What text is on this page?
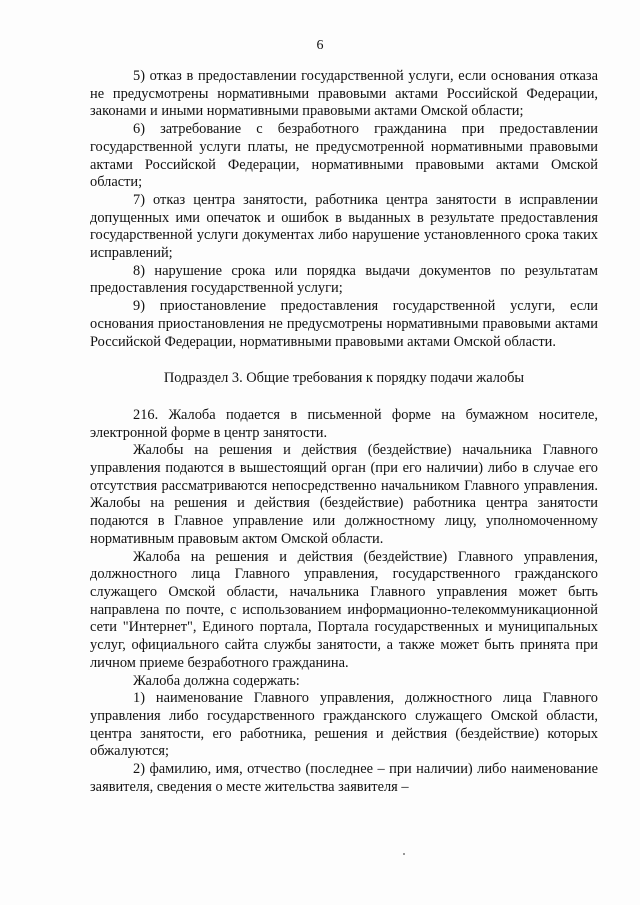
6

5) отказ в предоставлении государственной услуги, если основания отказа не предусмотрены нормативными правовыми актами Российской Федерации, законами и иными нормативными правовыми актами Омской области;

6) затребование с безработного гражданина при предоставлении государственной услуги платы, не предусмотренной нормативными правовыми актами Российской Федерации, нормативными правовыми актами Омской области;

7) отказ центра занятости, работника центра занятости в исправлении допущенных ими опечаток и ошибок в выданных в результате предоставления государственной услуги документах либо нарушение установленного срока таких исправлений;

8) нарушение срока или порядка выдачи документов по результатам предоставления государственной услуги;

9) приостановление предоставления государственной услуги, если основания приостановления не предусмотрены нормативными правовыми актами Российской Федерации, нормативными правовыми актами Омской области.

Подраздел 3. Общие требования к порядку подачи жалобы

216. Жалоба подается в письменной форме на бумажном носителе, электронной форме в центр занятости.

Жалобы на решения и действия (бездействие) начальника Главного управления подаются в вышестоящий орган (при его наличии) либо в случае его отсутствия рассматриваются непосредственно начальником Главного управления. Жалобы на решения и действия (бездействие) работника центра занятости подаются в Главное управление или должностному лицу, уполномоченному нормативным правовым актом Омской области.

Жалоба на решения и действия (бездействие) Главного управления, должностного лица Главного управления, государственного гражданского служащего Омской области, начальника Главного управления может быть направлена по почте, с использованием информационно-телекоммуникационной сети "Интернет", Единого портала, Портала государственных и муниципальных услуг, официального сайта службы занятости, а также может быть принята при личном приеме безработного гражданина.

Жалоба должна содержать:

1) наименование Главного управления, должностного лица Главного управления либо государственного гражданского служащего Омской области, центра занятости, его работника, решения и действия (бездействие) которых обжалуются;

2) фамилию, имя, отчество (последнее – при наличии) либо наименование заявителя, сведения о месте жительства заявителя –
